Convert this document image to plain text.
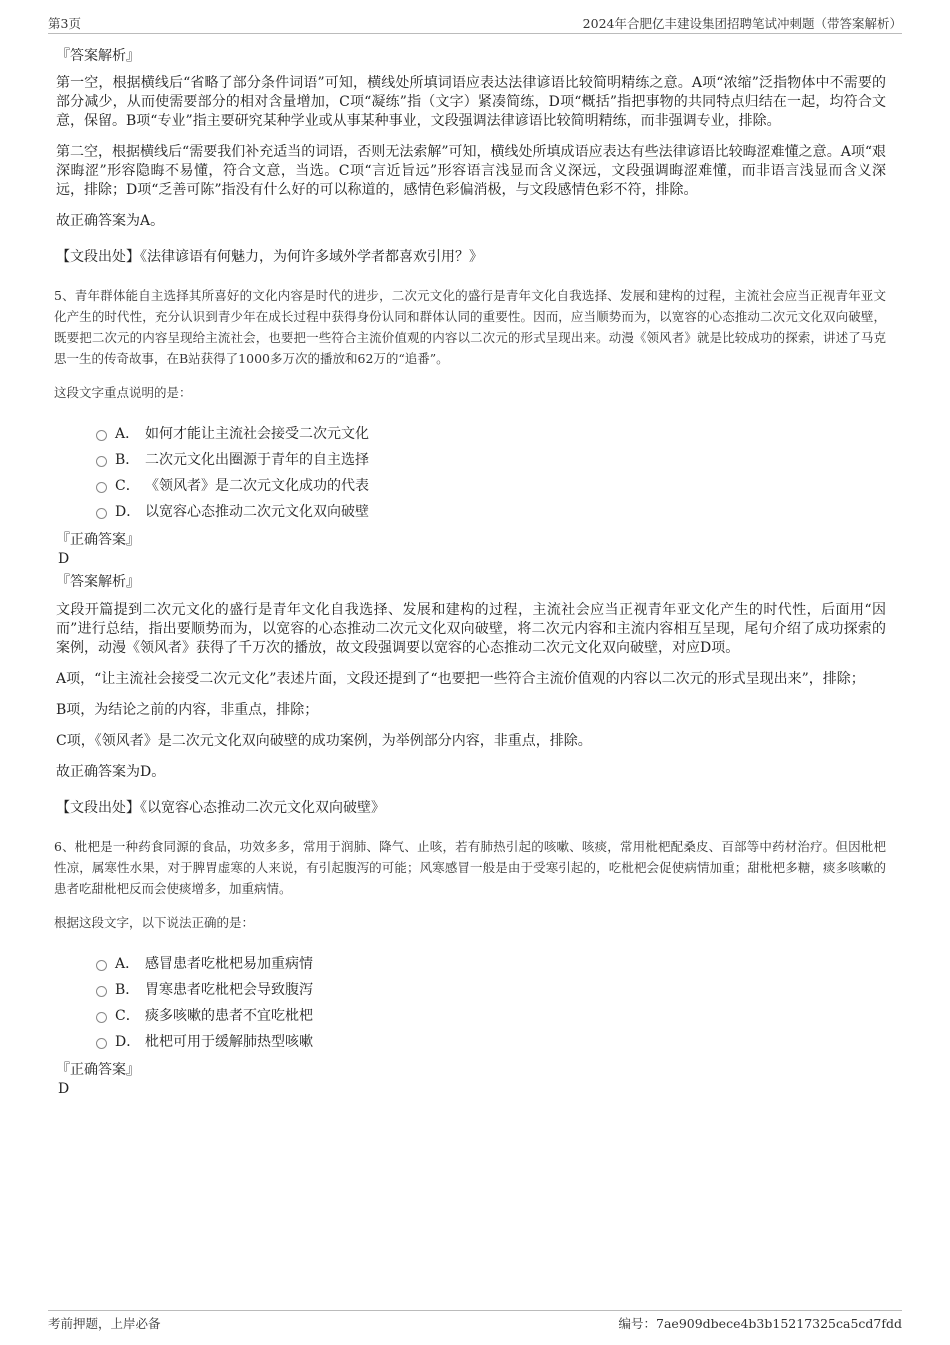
第3页	2024年合肥亿丰建设集团招聘笔试冲刺题（带答案解析）
『答案解析』

第一空，根据横线后“省略了部分条件词语”可知，横线处所填词语应表达法律谚语比较简明精练之意。A项“浓缩”泛指物体中不需要的部分减少，从而使需要部分的相对含量增加，C项“凝练”指（文字）紧凑简练，D项“概括”指把事物的共同特点归结在一起，均符合文意，保留。B项“专业”指主要研究某种学业或从事某种事业，文段强调法律谚语比较简明精练，而非强调专业，排除。

第二空，根据横线后“需要我们补充适当的词语，否则无法索解”可知，横线处所填成语应表达有些法律谚语比较晦涩难懂之意。A项“艰深晦涩”形容隐晦不易懂，符合文意，当选。C项“言近旨远”形容语言浅显而含义深远，文段强调晦涩难懂，而非语言浅显而含义深远，排除；D项“乏善可陈”指没有什么好的可以称道的，感情色彩偏消极，与文段感情色彩不符，排除。

故正确答案为A。

【文段出处】《法律谚语有何魅力，为何许多域外学者都喜欢引用？》

5、青年群体能自主选择其所喜好的文化内容是时代的进步，二次元文化的盛行是青年文化自我选择、发展和建构的过程，主流社会应当正视青年亚文化产生的时代性，充分认识到青少年在成长过程中获得身份认同和群体认同的重要性。因而，应当顺势而为，以宽容的心态推动二次元文化双向破壁，既要把二次元的内容呈现给主流社会，也要把一些符合主流价值观的内容以二次元的形式呈现出来。动漫《领风者》就是比较成功的探索，讲述了马克思一生的传奇故事，在B站获得了1000多万次的播放和62万的“追番”。

这段文字重点说明的是：
A． 如何才能让主流社会接受二次元文化
B． 二次元文化出圈源于青年的自主选择
C． 《领风者》是二次元文化成功的代表
D． 以宽容心态推动二次元文化双向破壁
『正确答案』
D
『答案解析』

文段开篇提到二次元文化的盛行是青年文化自我选择、发展和建构的过程，主流社会应当正视青年亚文化产生的时代性，后面用“因而”进行总结，指出要顺势而为，以宽容的心态推动二次元文化双向破壁，将二次元内容和主流内容相互呈现，尾句介绍了成功探索的案例，动漫《领风者》获得了千万次的播放，故文段强调要以宽容的心态推动二次元文化双向破壁，对应D项。

A项，“让主流社会接受二次元文化”表述片面，文段还提到了“也要把一些符合主流价值观的内容以二次元的形式呈现出来”，排除；

B项，为结论之前的内容，非重点，排除；

C项，《领风者》是二次元文化双向破壁的成功案例，为举例部分内容，非重点，排除。

故正确答案为D。

【文段出处】《以宽容心态推动二次元文化双向破壁》

6、枇杷是一种药食同源的食品，功效多多，常用于润肺、降气、止咳，若有肺热引起的咳嗽、咳痰，常用枇杷配桑皮、百部等中药材治疗。但因枇杷性凉，属寒性水果，对于脾胃虚寒的人来说，有引起腹泻的可能；风寒感冒一般是由于受寒引起的，吃枇杷会促使病情加重；甜枇杷多糖，痰多咳嗽的患者吃甜枇杷反而会使痰增多，加重病情。

根据这段文字，以下说法正确的是：
A． 感冒患者吃枇杷易加重病情
B． 胃寒患者吃枇杷会导致腹泻
C． 痰多咳嗽的患者不宜吃枇杷
D． 枇杷可用于缓解肺热型咳嗽
『正确答案』
D
考前押题，上岸必备	编号：7ae909dbece4b3b15217325ca5cd7fdd
